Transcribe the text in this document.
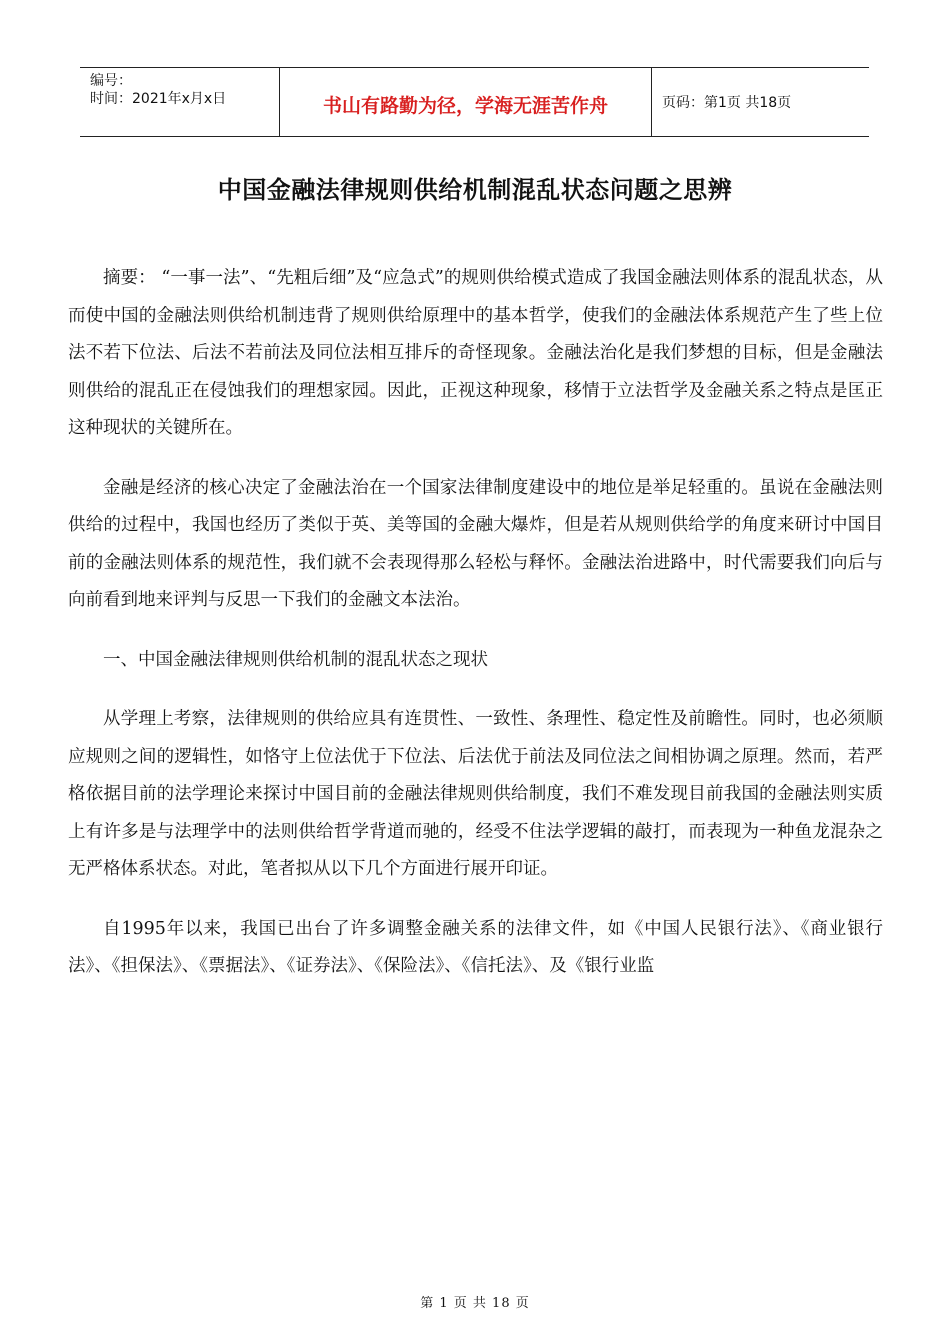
编号：
时间：2021年x月x日	书山有路勤为径，学海无涯苦作舟	页码：第1页 共18页
中国金融法律规则供给机制混乱状态问题之思辨

摘要： “一事一法”、“先粗后细”及“应急式”的规则供给模式造成了我国金融法则体系的混乱状态，从而使中国的金融法则供给机制违背了规则供给原理中的基本哲学，使我们的金融法体系规范产生了些上位法不若下位法、后法不若前法及同位法相互排斥的奇怪现象。金融法治化是我们梦想的目标，但是金融法则供给的混乱正在侵蚀我们的理想家园。因此，正视这种现象，移情于立法哲学及金融关系之特点是匡正这种现状的关键所在。

金融是经济的核心决定了金融法治在一个国家法律制度建设中的地位是举足轻重的。虽说在金融法则供给的过程中，我国也经历了类似于英、美等国的金融大爆炸，但是若从规则供给学的角度来研讨中国目前的金融法则体系的规范性，我们就不会表现得那么轻松与释怀。金融法治进路中，时代需要我们向后与向前看到地来评判与反思一下我们的金融文本法治。

一、中国金融法律规则供给机制的混乱状态之现状

从学理上考察，法律规则的供给应具有连贯性、一致性、条理性、稳定性及前瞻性。同时，也必须顺应规则之间的逻辑性，如恪守上位法优于下位法、后法优于前法及同位法之间相协调之原理。然而，若严格依据目前的法学理论来探讨中国目前的金融法律规则供给制度，我们不难发现目前我国的金融法则实质上有许多是与法理学中的法则供给哲学背道而驰的，经受不住法学逻辑的敲打，而表现为一种鱼龙混杂之无严格体系状态。对此，笔者拟从以下几个方面进行展开印证。

自1995年以来，我国已出台了许多调整金融关系的法律文件，如《中国人民银行法》、《商业银行法》、《担保法》、《票据法》、《证券法》、《保险法》、《信托法》、及《银行业监

第 1 页 共 18 页
